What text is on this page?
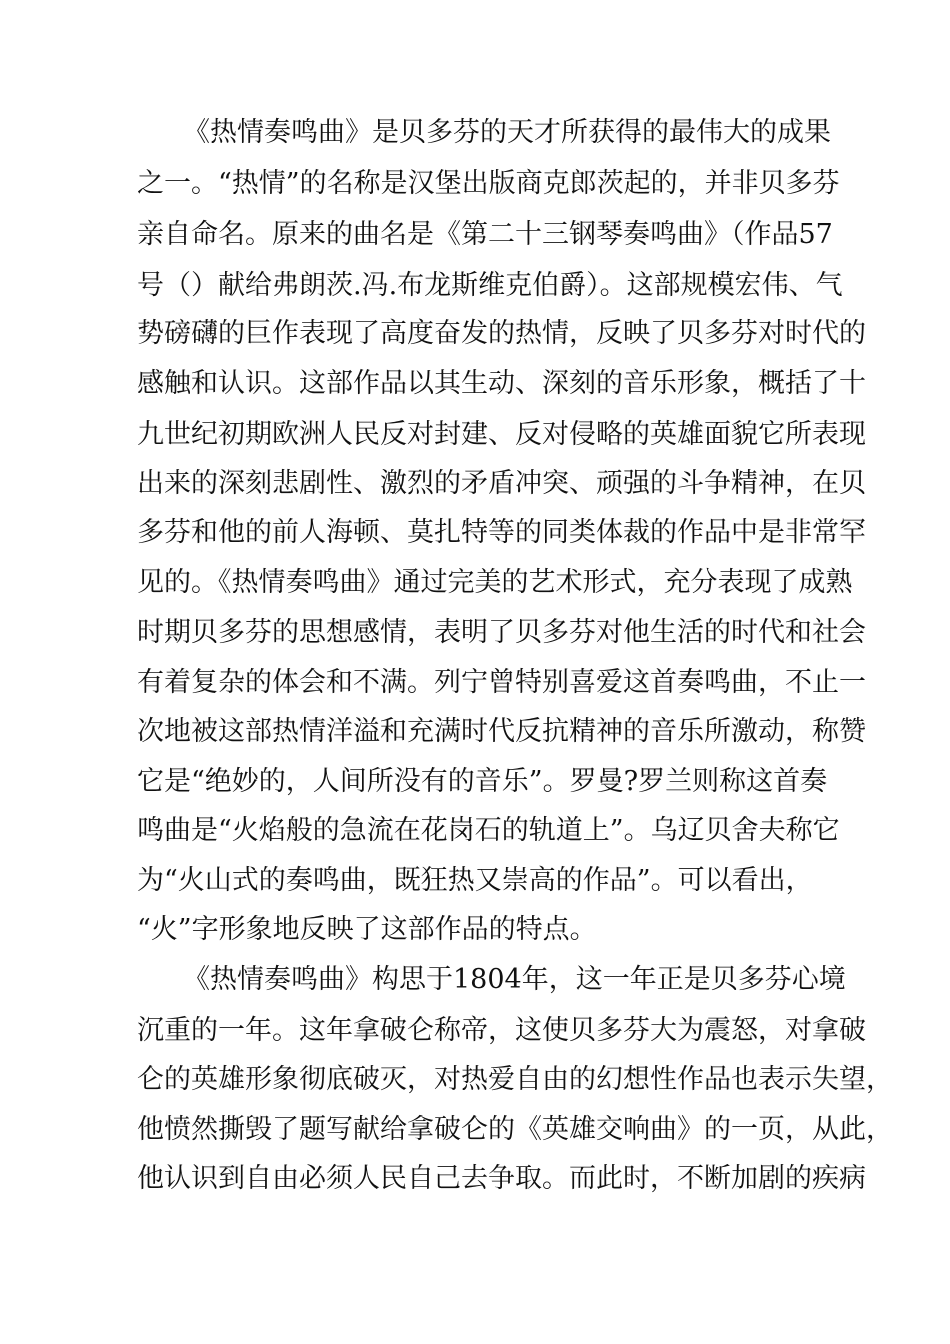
《热情奏鸣曲》是贝多芬的天才所获得的最伟大的成果
之一。“热情”的名称是汉堡出版商克郎茨起的，并非贝多芬
亲自命名。原来的曲名是《第二十三钢琴奏鸣曲》（作品57
号（）献给弗朗茨.冯.布龙斯维克伯爵）。这部规模宏伟、气
势磅礴的巨作表现了高度奋发的热情，反映了贝多芬对时代的
感触和认识。这部作品以其生动、深刻的音乐形象，概括了十
九世纪初期欧洲人民反对封建、反对侵略的英雄面貌它所表现
出来的深刻悲剧性、激烈的矛盾冲突、顽强的斗争精神，在贝
多芬和他的前人海顿、莫扎特等的同类体裁的作品中是非常罕
见的。《热情奏鸣曲》通过完美的艺术形式，充分表现了成熟
时期贝多芬的思想感情，表明了贝多芬对他生活的时代和社会
有着复杂的体会和不满。列宁曾特别喜爱这首奏鸣曲，不止一
次地被这部热情洋溢和充满时代反抗精神的音乐所激动，称赞
它是“绝妙的，人间所没有的音乐”。罗曼?罗兰则称这首奏
鸣曲是“火焰般的急流在花岗石的轨道上”。乌辽贝舍夫称它
为“火山式的奏鸣曲，既狂热又崇高的作品”。可以看出，
“火”字形象地反映了这部作品的特点。
《热情奏鸣曲》构思于1804年，这一年正是贝多芬心境
沉重的一年。这年拿破仑称帝，这使贝多芬大为震怒，对拿破
仑的英雄形象彻底破灭，对热爱自由的幻想性作品也表示失望，
他愤然撕毁了题写献给拿破仑的《英雄交响曲》的一页，从此，
他认识到自由必须人民自己去争取。而此时，不断加剧的疾病
